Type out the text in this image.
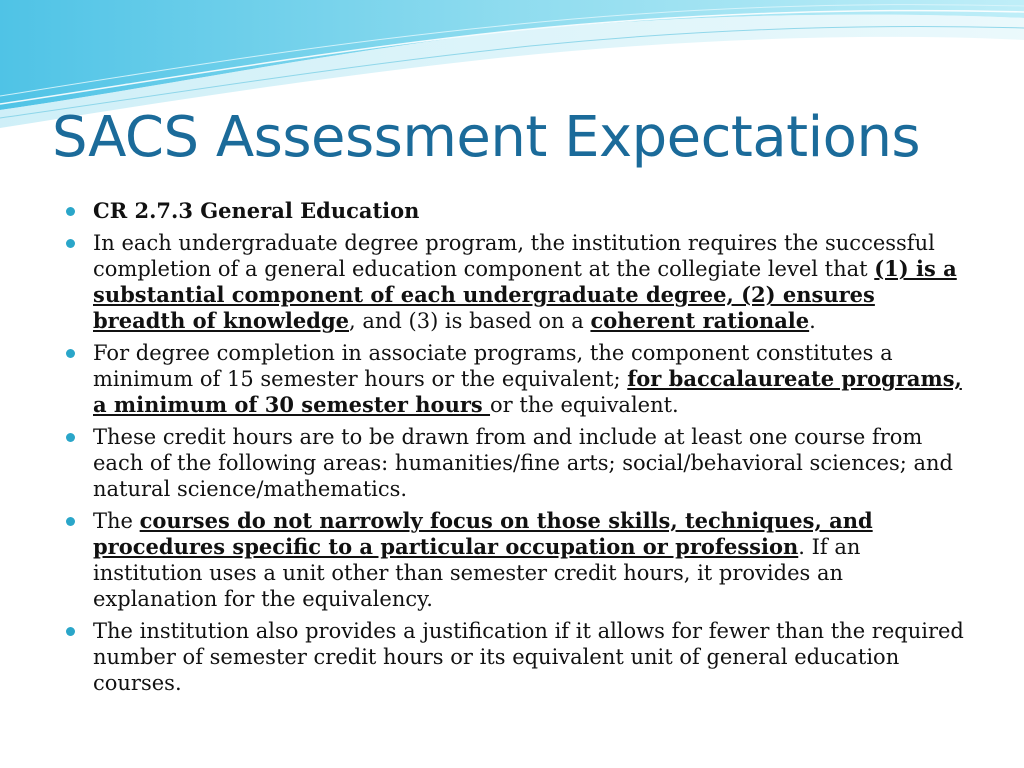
SACS Assessment Expectations
CR 2.7.3 General Education
In each undergraduate degree program, the institution requires the successful completion of a general education component at the collegiate level that (1) is a substantial component of each undergraduate degree, (2) ensures breadth of knowledge, and (3) is based on a coherent rationale.
For degree completion in associate programs, the component constitutes a minimum of 15 semester hours or the equivalent; for baccalaureate programs, a minimum of 30 semester hours or the equivalent.
These credit hours are to be drawn from and include at least one course from each of the following areas: humanities/fine arts; social/behavioral sciences; and natural science/mathematics.
The courses do not narrowly focus on those skills, techniques, and procedures specific to a particular occupation or profession. If an institution uses a unit other than semester credit hours, it provides an explanation for the equivalency.
The institution also provides a justification if it allows for fewer than the required number of semester credit hours or its equivalent unit of general education courses.
